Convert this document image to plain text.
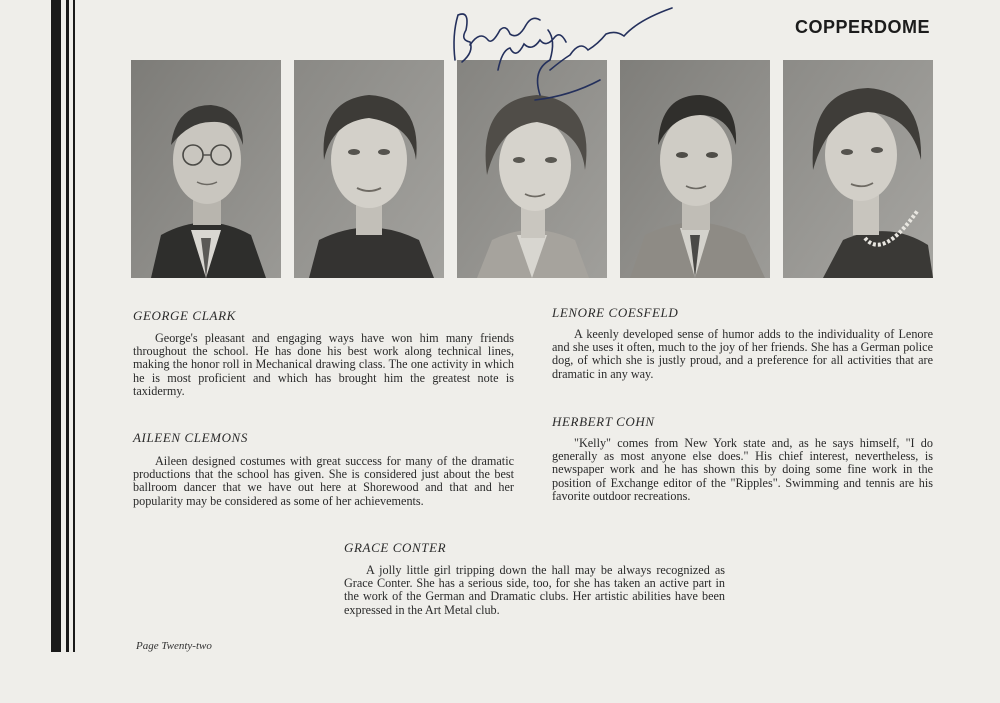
COPPERDOME
GEORGE CLARK

George's pleasant and engaging ways have won him many friends throughout the school. He has done his best work along technical lines, making the honor roll in Mechanical drawing class. The one activity in which he is most proficient and which has brought him the greatest note is taxidermy.

AILEEN CLEMONS

Aileen designed costumes with great success for many of the dramatic productions that the school has given. She is considered just about the best ballroom dancer that we have out here at Shorewood and that and her popularity may be considered as some of her achievements.

LENORE COESFELD

A keenly developed sense of humor adds to the individuality of Lenore and she uses it often, much to the joy of her friends. She has a German police dog, of which she is justly proud, and a preference for all activities that are dramatic in any way.

HERBERT COHN

"Kelly" comes from New York state and, as he says himself, "I do generally as most anyone else does." His chief interest, nevertheless, is newspaper work and he has shown this by doing some fine work in the position of Exchange editor of the "Ripples". Swimming and tennis are his favorite outdoor recreations.

GRACE CONTER

A jolly little girl tripping down the hall may be always recognized as Grace Conter. She has a serious side, too, for she has taken an active part in the work of the German and Dramatic clubs. Her artistic abilities have been expressed in the Art Metal club.

Page Twenty-two
